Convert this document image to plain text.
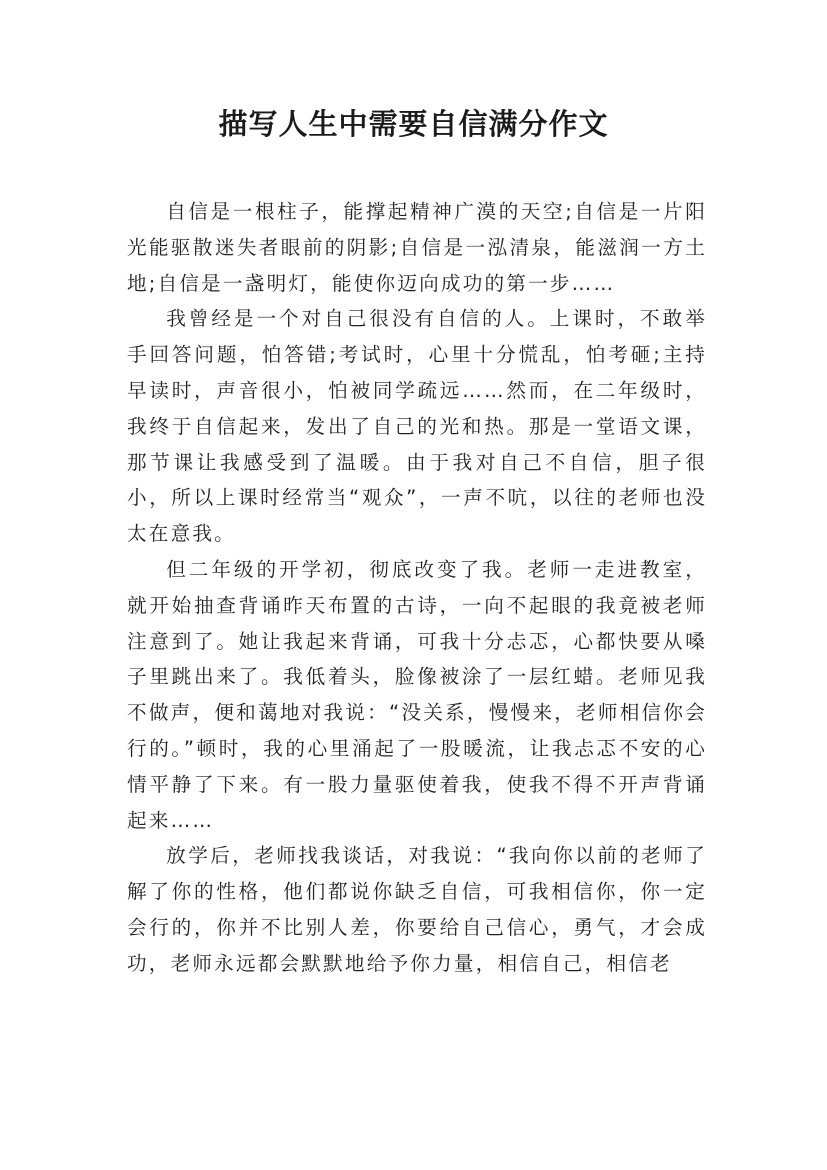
描写人生中需要自信满分作文

自信是一根柱子，能撑起精神广漠的天空;自信是一片阳光能驱散迷失者眼前的阴影;自信是一泓清泉，能滋润一方土地;自信是一盏明灯，能使你迈向成功的第一步……

我曾经是一个对自己很没有自信的人。上课时，不敢举手回答问题，怕答错;考试时，心里十分慌乱，怕考砸;主持早读时，声音很小，怕被同学疏远……然而，在二年级时，我终于自信起来，发出了自己的光和热。那是一堂语文课，那节课让我感受到了温暖。由于我对自己不自信，胆子很小，所以上课时经常当“观众”，一声不吭，以往的老师也没太在意我。

但二年级的开学初，彻底改变了我。老师一走进教室，就开始抽查背诵昨天布置的古诗，一向不起眼的我竟被老师注意到了。她让我起来背诵，可我十分忐忑，心都快要从嗓子里跳出来了。我低着头，脸像被涂了一层红蜡。老师见我不做声，便和蔼地对我说：“没关系，慢慢来，老师相信你会行的。”顿时，我的心里涌起了一股暖流，让我忐忑不安的心情平静了下来。有一股力量驱使着我，使我不得不开声背诵起来……

放学后，老师找我谈话，对我说：“我向你以前的老师了解了你的性格，他们都说你缺乏自信，可我相信你，你一定会行的，你并不比别人差，你要给自己信心，勇气，才会成功，老师永远都会默默地给予你力量，相信自己，相信老
